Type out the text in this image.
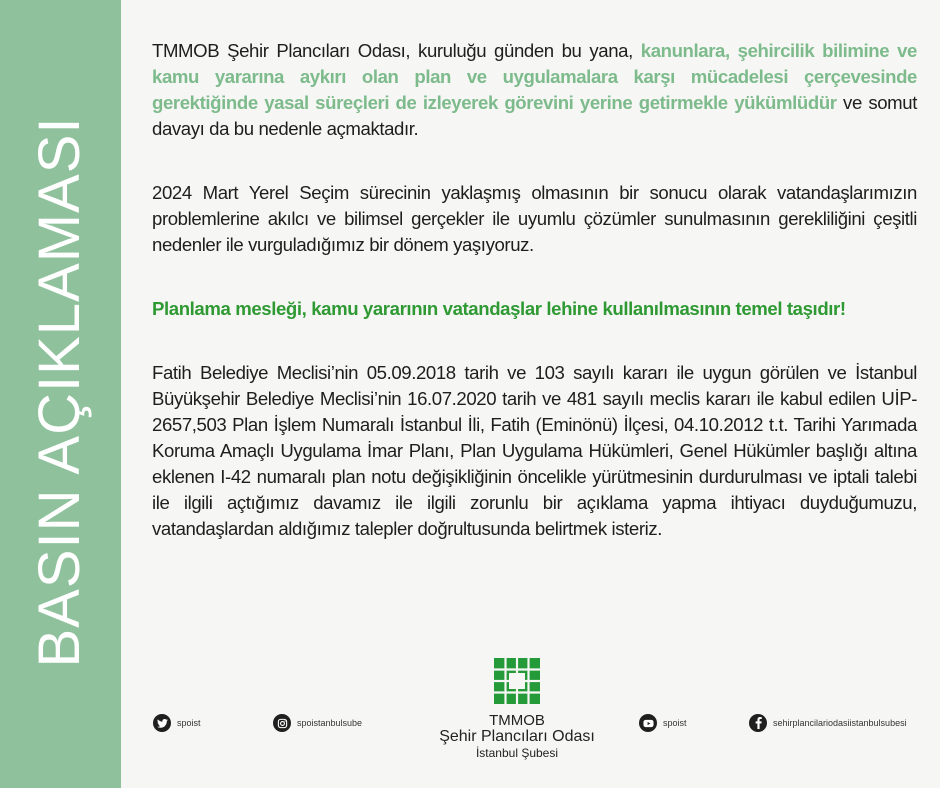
BASIN AÇIKLAMASI

TMMOB Şehir Plancıları Odası, kuruluğu günden bu yana, kanunlara, şehircilik bilimine ve kamu yararına aykırı olan plan ve uygulamalara karşı mücadelesi çerçevesinde gerektiğinde yasal süreçleri de izleyerek görevini yerine getirmekle yükümlüdür ve somut davayı da bu nedenle açmaktadır.

2024 Mart Yerel Seçim sürecinin yaklaşmış olmasının bir sonucu olarak vatandaşlarımızın problemlerine akılcı ve bilimsel gerçekler ile uyumlu çözümler sunulmasının gerekliliğini çeşitli nedenler ile vurguladığımız bir dönem yaşıyoruz.

Planlama mesleği, kamu yararının vatandaşlar lehine kullanılmasının temel taşıdır!

Fatih Belediye Meclisi’nin 05.09.2018 tarih ve 103 sayılı kararı ile uygun görülen ve İstanbul Büyükşehir Belediye Meclisi’nin 16.07.2020 tarih ve 481 sayılı meclis kararı ile kabul edilen UİP-2657,503 Plan İşlem Numaralı İstanbul İli, Fatih (Eminönü) İlçesi, 04.10.2012 t.t. Tarihi Yarımada Koruma Amaçlı Uygulama İmar Planı, Plan Uygulama Hükümleri, Genel Hükümler başlığı altına eklenen I-42 numaralı plan notu değişikliğinin öncelikle yürütmesinin durdurulması ve iptali talebi ile ilgili açtığımız davamız ile ilgili zorunlu bir açıklama yapma ihtiyacı duyduğumuzu, vatandaşlardan aldığımız talepler doğrultusunda belirtmek isteriz.

spoist	spoistanbulsube	spoist	sehirplancilariodasiistanbulsubesi
TMMOB
Şehir Plancıları Odası
İstanbul Şubesi
